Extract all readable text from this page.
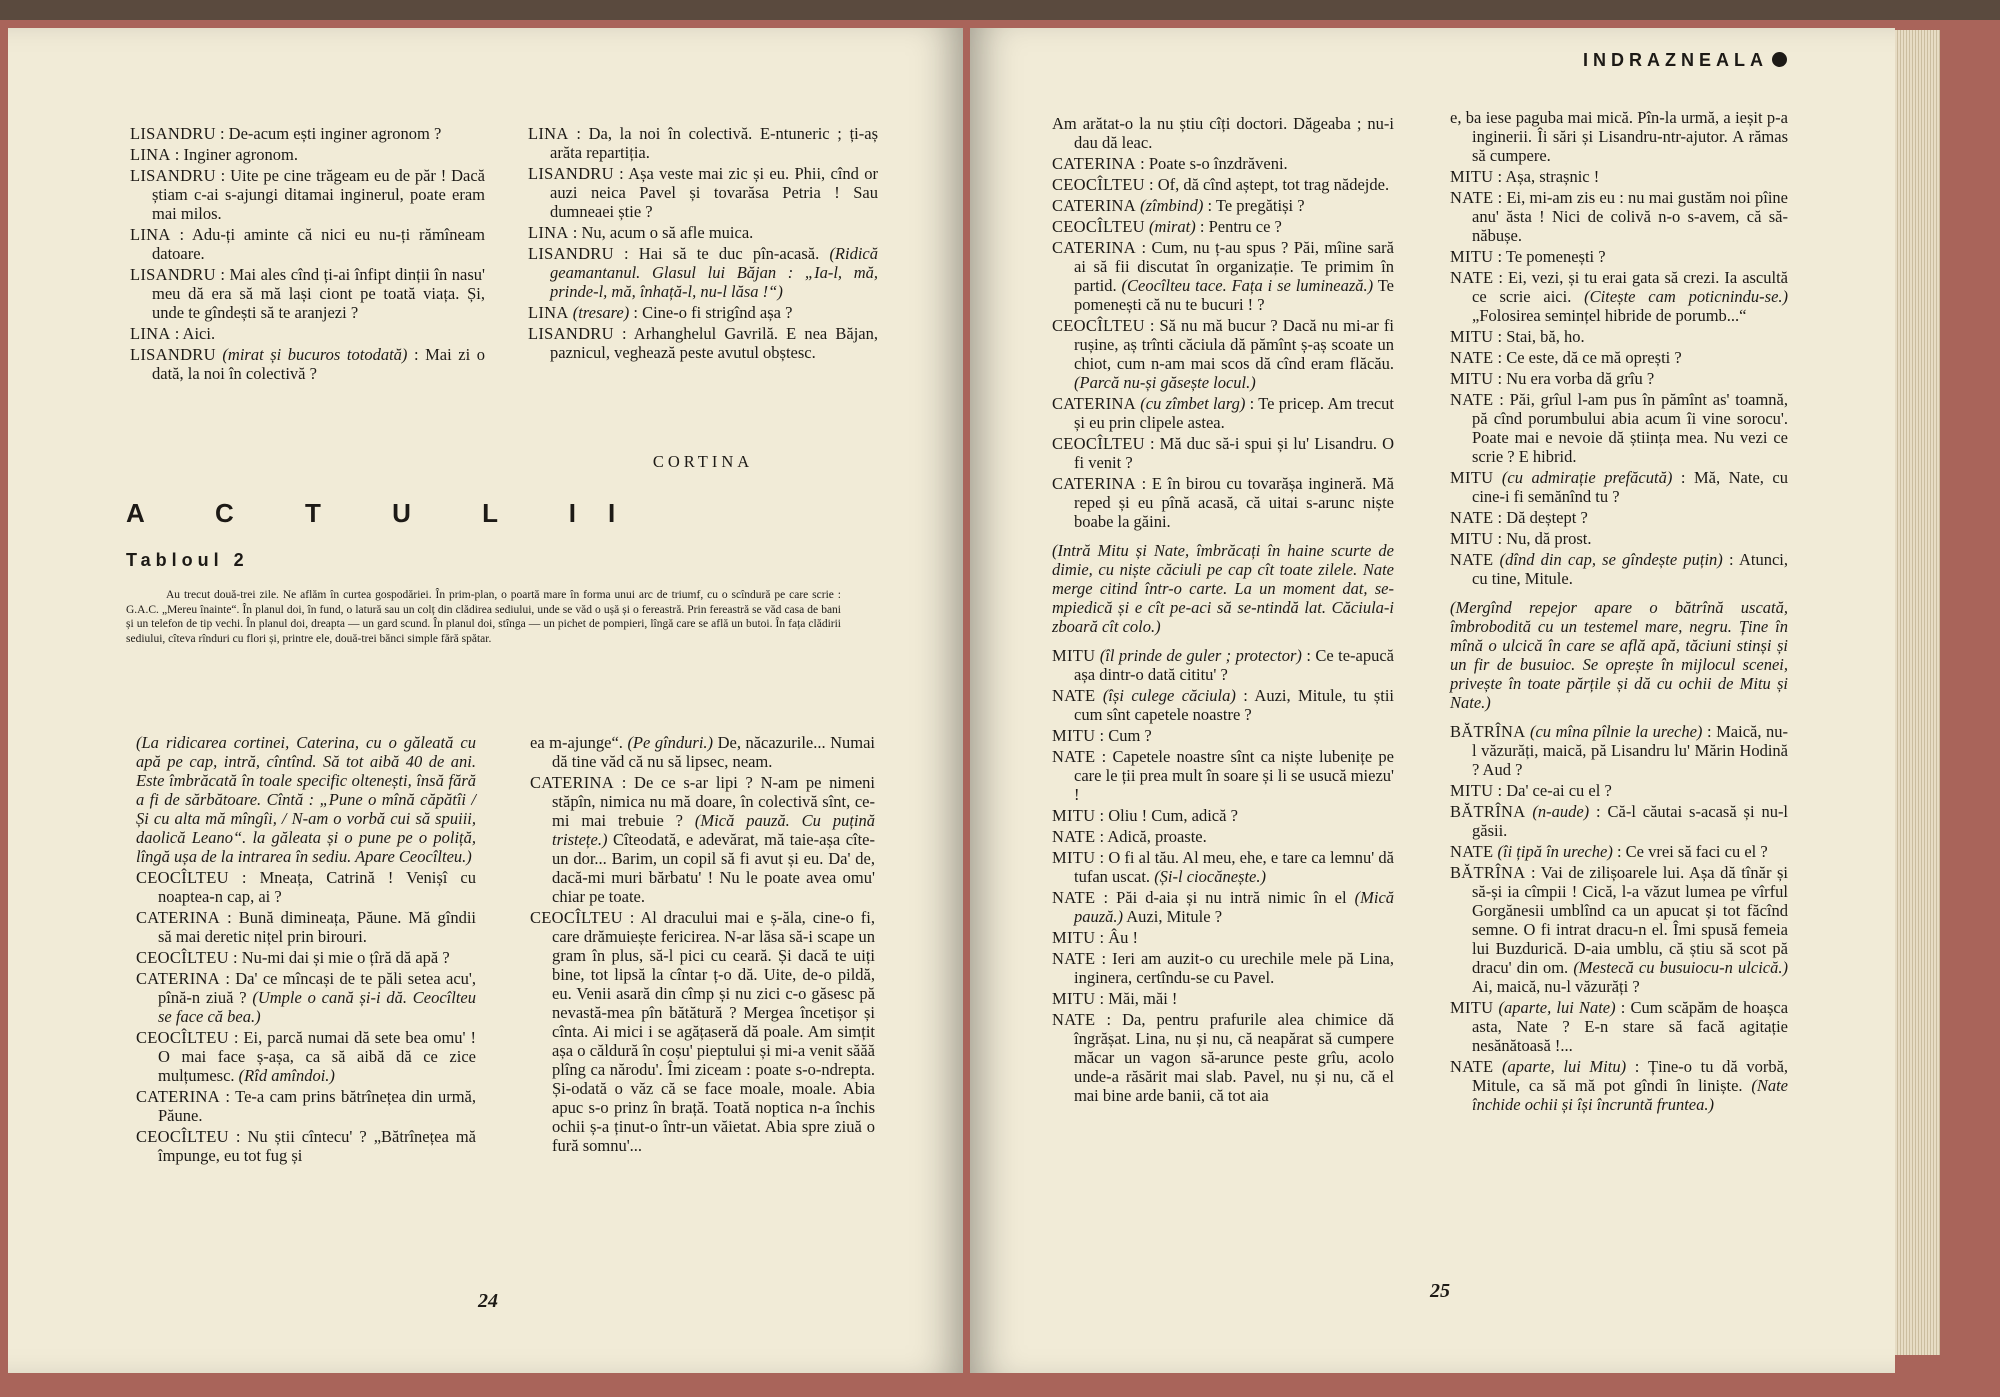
LISANDRU : De-acum ești inginer agronom ?

LINA : Inginer agronom.

LISANDRU : Uite pe cine trăgeam eu de păr ! Dacă știam c-ai s-ajungi ditamai inginerul, poate eram mai milos.

LINA : Adu-ți aminte că nici eu nu-ți rămîneam datoare.

LISANDRU : Mai ales cînd ți-ai înfipt dinții în nasu' meu dă era să mă lași ciont pe toată viața. Și, unde te gîndești să te aranjezi ?

LINA : Aici.

LISANDRU (mirat și bucuros totodată) : Mai zi o dată, la noi în colectivă ?

LINA : Da, la noi în colectivă. E-ntuneric ; ți-aș arăta repartiția.

LISANDRU : Așa veste mai zic și eu. Phii, cînd or auzi neica Pavel și tovarăsa Petria ! Sau dumneaei știe ?

LINA : Nu, acum o să afle muica.

LISANDRU : Hai să te duc pîn-acasă. (Ridică geamantanul. Glasul lui Băjan : „Ia-l, mă, prinde-l, mă, înhață-l, nu-l lăsa !“)

LINA (tresare) : Cine-o fi strigînd așa ?

LISANDRU : Arhanghelul Gavrilă. E nea Băjan, paznicul, veghează peste avutul obștesc.

CORTINA

A C T U L II
Tabloul 2
Au trecut două-trei zile. Ne aflăm în curtea gospodăriei. În prim-plan, o poartă mare în forma unui arc de triumf, cu o scîndură pe care scrie : G.A.C. „Mereu înainte“. În planul doi, în fund, o latură sau un colț din clădirea sediului, unde se văd o ușă și o fereastră. Prin fereastră se văd casa de bani și un telefon de tip vechi. În planul doi, dreapta — un gard scund. În planul doi, stînga — un pichet de pompieri, lîngă care se află un butoi. În fața clădirii sediului, cîteva rînduri cu flori și, printre ele, două-trei bănci simple fără spătar.

(La ridicarea cortinei, Caterina, cu o găleată cu apă pe cap, intră, cîntînd. Să tot aibă 40 de ani. Este îmbrăcată în toale specific oltenești, însă fără a fi de sărbătoare. Cîntă : „Pune o mînă căpătîi / Și cu alta mă mîngîi, / N-am o vorbă cui să spuiii, daolică Leano“. la găleata și o pune pe o poliță, lîngă ușa de la intrarea în sediu. Apare Ceocîlteu.)

CEOCÎLTEU : Mneața, Catrină ! Venișî cu noaptea-n cap, ai ?

CATERINA : Bună dimineața, Păune. Mă gîndii să mai deretic nițel prin birouri.

CEOCÎLTEU : Nu-mi dai și mie o țîră dă apă ?

CATERINA : Da' ce mîncași de te păli setea acu', pînă-n ziuă ? (Umple o cană și-i dă. Ceocîlteu se face că bea.)

CEOCÎLTEU : Ei, parcă numai dă sete bea omu' ! O mai face ș-așa, ca să aibă dă ce zice mulțumesc. (Rîd amîndoi.)

CATERINA : Te-a cam prins bătrînețea din urmă, Păune.

CEOCÎLTEU : Nu știi cîntecu' ? „Bătrînețea mă împunge, eu tot fug și

ea m-ajunge“. (Pe gînduri.) De, năcazurile... Numai dă tine văd că nu să lipsec, neam.

CATERINA : De ce s-ar lipi ? N-am pe nimeni stăpîn, nimica nu mă doare, în colectivă sînt, ce-mi mai trebuie ? (Mică pauză. Cu puțină tristețe.) Cîteodată, e adevărat, mă taie-așa cîte-un dor... Barim, un copil să fi avut și eu. Da' de, dacă-mi muri bărbatu' ! Nu le poate avea omu' chiar pe toate.

CEOCÎLTEU : Al dracului mai e ș-ăla, cine-o fi, care drămuiește fericirea. N-ar lăsa să-i scape un gram în plus, să-l pici cu ceară. Și dacă te uiți bine, tot lipsă la cîntar ț-o dă. Uite, de-o pildă, eu. Venii asară din cîmp și nu zici c-o găsesc pă nevastă-mea pîn bătătură ? Mergea încetișor și cînta. Ai mici i se agățaseră dă poale. Am simțit așa o căldură în coșu' pieptului și mi-a venit săăă plîng ca nărodu'. Îmi ziceam : poate s-o-ndrepta. Și-odată o văz că se face moale, moale. Abia apuc s-o prinz în brață. Toată noptica n-a închis ochii ș-a ținut-o într-un văietat. Abia spre ziuă o fură somnu'...

24
INDRAZNEALA

Am arătat-o la nu știu cîți doctori. Dăgeaba ; nu-i dau dă leac.

CATERINA : Poate s-o înzdrăveni.

CEOCÎLTEU : Of, dă cînd aștept, tot trag nădejde.

CATERINA (zîmbind) : Te pregătiși ?

CEOCÎLTEU (mirat) : Pentru ce ?

CATERINA : Cum, nu ț-au spus ? Păi, mîine sară ai să fii discutat în organizație. Te primim în partid. (Ceocîlteu tace. Fața i se luminează.) Te pomenești că nu te bucuri ! ?

CEOCÎLTEU : Să nu mă bucur ? Dacă nu mi-ar fi rușine, aș trînti căciula dă pămînt ș-aș scoate un chiot, cum n-am mai scos dă cînd eram flăcău. (Parcă nu-și găsește locul.)

CATERINA (cu zîmbet larg) : Te pricep. Am trecut și eu prin clipele astea.

CEOCÎLTEU : Mă duc să-i spui și lu' Lisandru. O fi venit ?

CATERINA : E în birou cu tovarășa ingineră. Mă reped și eu pînă acasă, că uitai s-arunc niște boabe la găini.

(Intră Mitu și Nate, îmbrăcați în haine scurte de dimie, cu niște căciuli pe cap cît toate zilele. Nate merge citind într-o carte. La un moment dat, se-mpiedică și e cît pe-aci să se-ntindă lat. Căciula-i zboară cît colo.)

MITU (îl prinde de guler ; protector) : Ce te-apucă așa dintr-o dată cititu' ?

NATE (își culege căciula) : Auzi, Mitule, tu știi cum sînt capetele noastre ?

MITU : Cum ?

NATE : Capetele noastre sînt ca niște lubenițe pe care le ții prea mult în soare și li se usucă miezu' !

MITU : Oliu ! Cum, adică ?

NATE : Adică, proaste.

MITU : O fi al tău. Al meu, ehe, e tare ca lemnu' dă tufan uscat. (Și-l ciocănește.)

NATE : Păi d-aia și nu intră nimic în el (Mică pauză.) Auzi, Mitule ?

MITU : Âu !

NATE : Ieri am auzit-o cu urechile mele pă Lina, inginera, certîndu-se cu Pavel.

MITU : Măi, măi !

NATE : Da, pentru prafurile alea chimice dă îngrășat. Lina, nu și nu, că neapărat să cumpere măcar un vagon să-arunce peste grîu, acolo unde-a răsărit mai slab. Pavel, nu și nu, că el mai bine arde banii, că tot aia

e, ba iese paguba mai mică. Pîn-la urmă, a ieșit p-a inginerii. Îi sări și Lisandru-ntr-ajutor. A rămas să cumpere.

MITU : Așa, strașnic !

NATE : Ei, mi-am zis eu : nu mai gustăm noi pîine anu' ăsta ! Nici de colivă n-o s-avem, că să-năbușe.

MITU : Te pomenești ?

NATE : Ei, vezi, și tu erai gata să crezi. Ia ascultă ce scrie aici. (Citește cam poticnindu-se.) „Folosirea semințel hibride de porumb...“

MITU : Stai, bă, ho.

NATE : Ce este, dă ce mă oprești ?

MITU : Nu era vorba dă grîu ?

NATE : Păi, grîul l-am pus în pămînt as' toamnă, pă cînd porumbului abia acum îi vine sorocu'. Poate mai e nevoie dă știința mea. Nu vezi ce scrie ? E hibrid.

MITU (cu admirație prefăcută) : Mă, Nate, cu cine-i fi semănînd tu ?

NATE : Dă deștept ?

MITU : Nu, dă prost.

NATE (dînd din cap, se gîndește puțin) : Atunci, cu tine, Mitule.

(Mergînd repejor apare o bătrînă uscată, îmbrobodită cu un testemel mare, negru. Ține în mînă o ulcică în care se află apă, tăciuni stinși și un fir de busuioc. Se oprește în mijlocul scenei, privește în toate părțile și dă cu ochii de Mitu și Nate.)

BĂTRÎNA (cu mîna pîlnie la ureche) : Maică, nu-l văzurăți, maică, pă Lisandru lu' Mărin Hodină ? Aud ?

MITU : Da' ce-ai cu el ?

BĂTRÎNA (n-aude) : Că-l căutai s-acasă și nu-l găsii.

NATE (îi țipă în ureche) : Ce vrei să faci cu el ?

BĂTRÎNA : Vai de zilișoarele lui. Așa dă tînăr și să-și ia cîmpii ! Cică, l-a văzut lumea pe vîrful Gorgănesii umblînd ca un apucat și tot făcînd semne. O fi intrat dracu-n el. Îmi spusă femeia lui Buzdurică. D-aia umblu, că știu să scot pă dracu' din om. (Mestecă cu busuiocu-n ulcică.) Ai, maică, nu-l văzurăți ?

MITU (aparte, lui Nate) : Cum scăpăm de hoașca asta, Nate ? E-n stare să facă agitație nesănătoasă !...

NATE (aparte, lui Mitu) : Ține-o tu dă vorbă, Mitule, ca să mă pot gîndi în liniște. (Nate închide ochii și își încruntă fruntea.)

25
